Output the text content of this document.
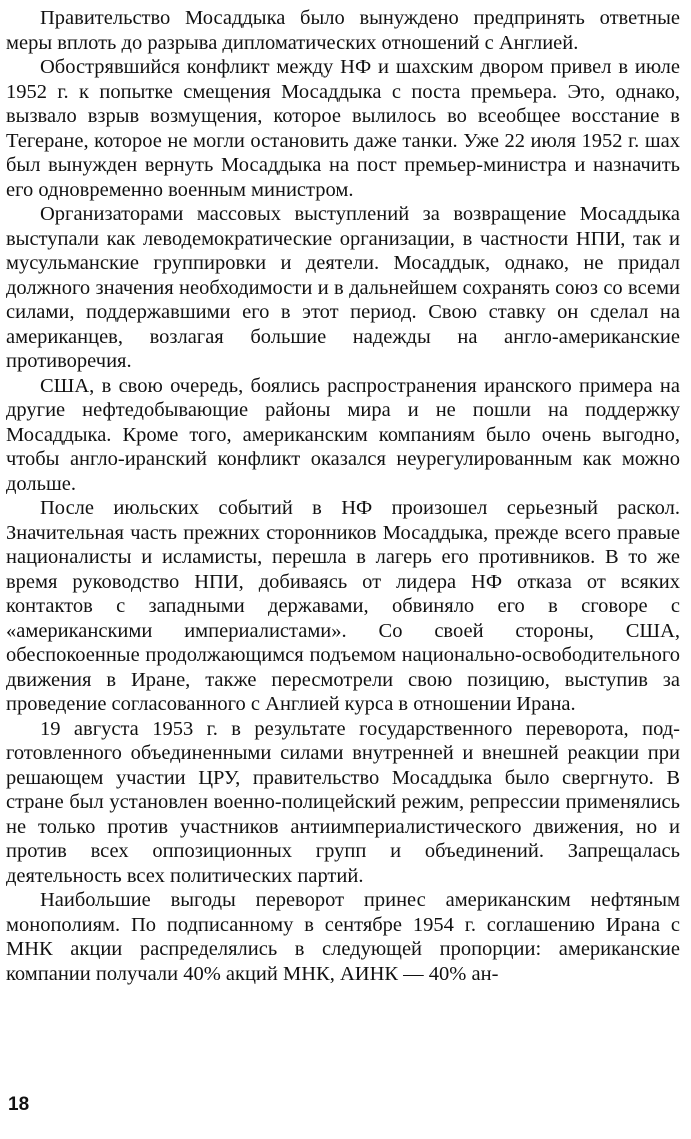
Правительство Мосаддыка было вынуждено предпринять ответные меры вплоть до разрыва дипломатических отношений с Англией.

Обострявшийся конфликт между НФ и шахским двором привел в июле 1952 г. к попытке смещения Мосаддыка с поста премьера. Это, однако, вызвало взрыв возмущения, которое вылилось во всеобщее восстание в Тегеране, которое не могли остановить даже танки. Уже 22 июля 1952 г. шах был вынужден вернуть Мосаддыка на пост премьер-министра и назначить его одновременно военным министром.

Организаторами массовых выступлений за возвращение Мосаддыка выступали как леводемократические организации, в частности НПИ, так и мусульманские группировки и деятели. Мосаддык, однако, не придал должного значения необходимости и в дальнейшем сохранять союз со всеми силами, поддержавшими его в этот период. Свою ставку он сделал на американцев, возлагая большие надежды на англо-американские противоречия.

США, в свою очередь, боялись распространения иранского примера на другие нефтедобывающие районы мира и не пошли на поддержку Мосаддыка. Кроме того, американским компаниям было очень выгодно, чтобы англо-иранский конфликт оказался неурегулированным как можно дольше.

После июльских событий в НФ произошел серьезный раскол. Значительная часть прежних сторонников Мосаддыка, прежде всего правые националисты и исламисты, перешла в лагерь его противников. В то же время руководство НПИ, добиваясь от лидера НФ отказа от всяких контактов с западными державами, обвиняло его в сговоре с «американскими империалистами». Со своей стороны, США, обеспокоенные продолжающимся подъемом национально-освободительного движения в Иране, также пересмотрели свою позицию, выступив за проведение согласованного с Англией курса в отношении Ирана.

19 августа 1953 г. в результате государственного переворота, подготовленного объединенными силами внутренней и внешней реакции при решающем участии ЦРУ, правительство Мосаддыка было свергнуто. В стране был установлен военно-полицейский режим, репрессии применялись не только против участников антиимпериалистического движения, но и против всех оппозиционных групп и объединений. Запрещалась деятельность всех политических партий.

Наибольшие выгоды переворот принес американским нефтяным монополиям. По подписанному в сентябре 1954 г. соглашению Ирана с МНК акции распределялись в следующей пропорции: американские компании получали 40% акций МНК, АИНК — 40% ан-

18
